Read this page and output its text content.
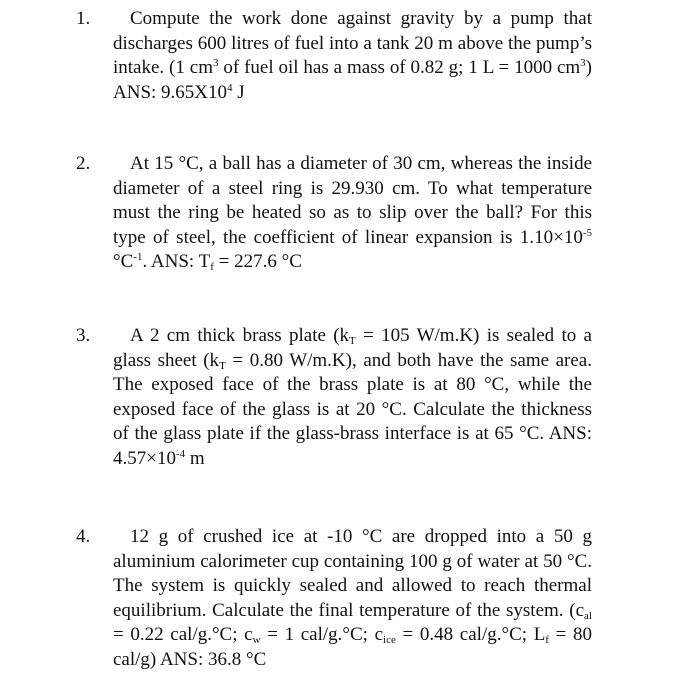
1.	Compute the work done against gravity by a pump that discharges 600 litres of fuel into a tank 20 m above the pump’s intake. (1 $cm^3$ of fuel oil has a mass of 0.82 g; 1 L = 1000 $cm^3$) ANS: $9.65X10^4$ J
2.	At 15 °C, a ball has a diameter of 30 cm, whereas the inside diameter of a steel ring is 29.930 cm. To what temperature must the ring be heated so as to slip over the ball? For this type of steel, the coefficient of linear expansion is $1.10\times 10^{-5}$ $^\circ C^{-1}$. ANS: $T_f = 227.6$ °C
3.	A 2 cm thick brass plate ($k_T = 105$ W/m.K) is sealed to a glass sheet ($k_T = 0.80$ W/m.K), and both have the same area. The exposed face of the brass plate is at 80 °C, while the exposed face of the glass is at 20 °C. Calculate the thickness of the glass plate if the glass-brass interface is at 65 °C. ANS: $4.57\times 10^{-4}$ m
4.	12 g of crushed ice at -10 °C are dropped into a 50 g aluminium calorimeter cup containing 100 g of water at 50 °C. The system is quickly sealed and allowed to reach thermal equilibrium. Calculate the final temperature of the system. ($c_{al} = 0.22$ cal/g.°C; $c_w = 1$ cal/g.°C; $c_{ice} = 0.48$ cal/g.°C; $L_f = 80$ cal/g) ANS: 36.8 °C
